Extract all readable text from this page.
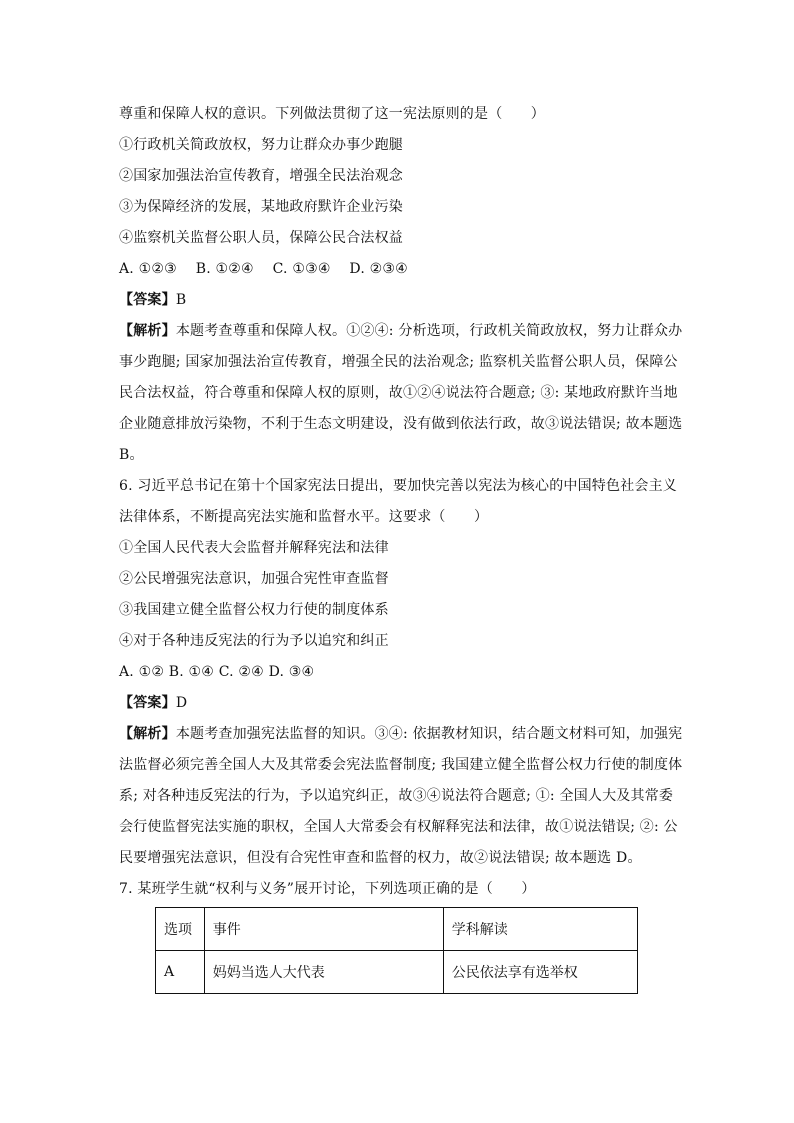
尊重和保障人权的意识。下列做法贯彻了这一宪法原则的是（　　）
①行政机关简政放权，努力让群众办事少跑腿
②国家加强法治宣传教育，增强全民法治观念
③为保障经济的发展，某地政府默许企业污染
④监察机关监督公职人员，保障公民合法权益
A. ①②③　 B. ①②④　 C. ①③④　 D. ②③④
【答案】B
【解析】本题考查尊重和保障人权。①②④: 分析选项，行政机关简政放权，努力让群众办
事少跑腿; 国家加强法治宣传教育，增强全民的法治观念; 监察机关监督公职人员，保障公
民合法权益，符合尊重和保障人权的原则，故①②④说法符合题意; ③: 某地政府默许当地
企业随意排放污染物，不利于生态文明建设，没有做到依法行政，故③说法错误; 故本题选
B。
6. 习近平总书记在第十个国家宪法日提出，要加快完善以宪法为核心的中国特色社会主义
法律体系，不断提高宪法实施和监督水平。这要求（　　）
①全国人民代表大会监督并解释宪法和法律
②公民增强宪法意识，加强合宪性审查监督
③我国建立健全监督公权力行使的制度体系
④对于各种违反宪法的行为予以追究和纠正
A. ①② B. ①④ C. ②④ D. ③④
【答案】D
【解析】本题考查加强宪法监督的知识。③④: 依据教材知识，结合题文材料可知，加强宪
法监督必须完善全国人大及其常委会宪法监督制度; 我国建立健全监督公权力行使的制度体
系; 对各种违反宪法的行为，予以追究纠正，故③④说法符合题意; ①: 全国人大及其常委
会行使监督宪法实施的职权，全国人大常委会有权解释宪法和法律，故①说法错误; ②: 公
民要增强宪法意识，但没有合宪性审查和监督的权力，故②说法错误; 故本题选 D。
7. 某班学生就“权利与义务”展开讨论，下列选项正确的是（　　）
选项	事件	学科解读
A	妈妈当选人大代表	公民依法享有选举权
